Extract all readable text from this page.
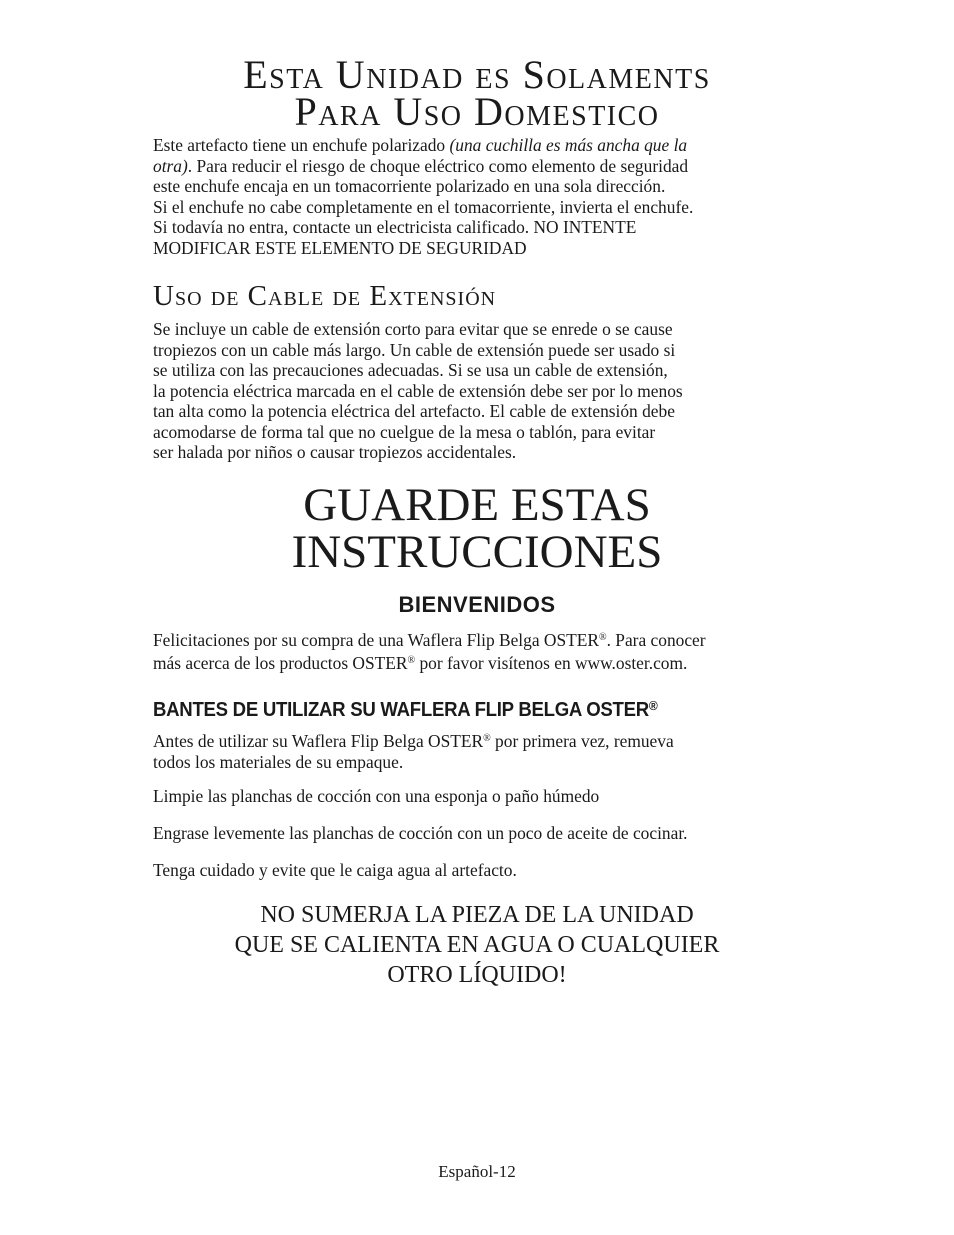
Esta Unidad es Solaments
Para Uso Domestico
Este artefacto tiene un enchufe polarizado (una cuchilla es más ancha que la
otra). Para reducir el riesgo de choque eléctrico como elemento de seguridad
este enchufe encaja en un tomacorriente polarizado en una sola dirección.
Si el enchufe no cabe completamente en el tomacorriente, invierta el enchufe.
Si todavía no entra, contacte un electricista calificado. NO INTENTE
MODIFICAR ESTE ELEMENTO DE SEGURIDAD
Uso de Cable de Extensión
Se incluye un cable de extensión corto para evitar que se enrede o se cause
tropiezos con un cable más largo. Un cable de extensión puede ser usado si
se utiliza con las precauciones adecuadas. Si se usa un cable de extensión,
la potencia eléctrica marcada en el cable de extensión debe ser por lo menos
tan alta como la potencia eléctrica del artefacto. El cable de extensión debe
acomodarse de forma tal que no cuelgue de la mesa o tablón, para evitar
ser halada por niños o causar tropiezos accidentales.
GUARDE ESTAS
INSTRUCCIONES
BIENVENIDOS
Felicitaciones por su compra de una Waflera Flip Belga OSTER®. Para conocer
más acerca de los productos OSTER® por favor visítenos en www.oster.com.
BANTES DE UTILIZAR SU WAFLERA FLIP BELGA OSTER®
Antes de utilizar su Waflera Flip Belga OSTER® por primera vez, remueva
todos los materiales de su empaque.
Limpie las planchas de cocción con una esponja o paño húmedo
Engrase levemente las planchas de cocción con un poco de aceite de cocinar.
Tenga cuidado y evite que le caiga agua al artefacto.
NO SUMERJA LA PIEZA DE LA UNIDAD
QUE SE CALIENTA EN AGUA O CUALQUIER
OTRO LÍQUIDO!
Español-12
